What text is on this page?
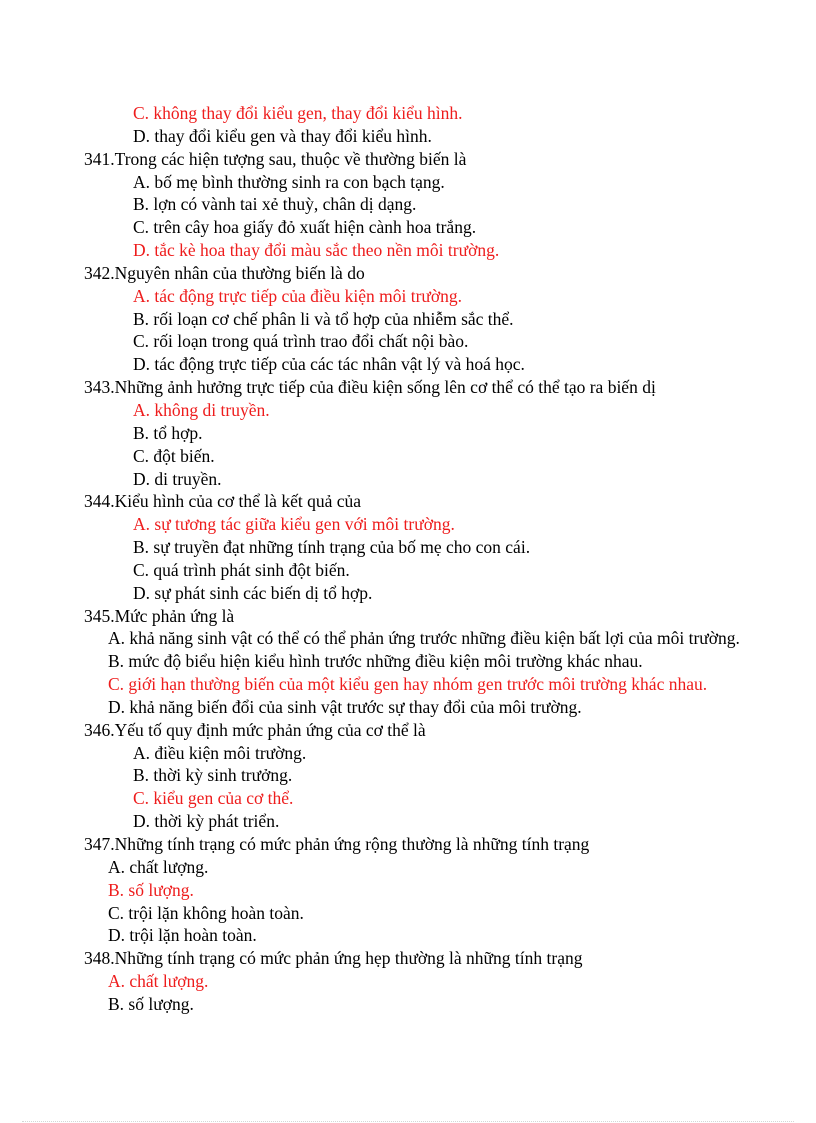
C. không thay đổi kiểu gen, thay đổi kiểu hình.
D. thay đổi kiểu gen và thay đổi kiểu hình.
341.Trong các hiện tượng sau, thuộc về thường biến là
A. bố mẹ bình thường sinh ra con bạch tạng.
B. lợn có vành tai xẻ thuỳ, chân dị dạng.
C. trên cây hoa giấy đỏ xuất hiện cành hoa trắng.
D. tắc kè hoa thay đổi màu sắc theo nền môi trường.
342.Nguyên nhân của thường biến là do
A. tác động trực tiếp của điều kiện môi trường.
B. rối loạn cơ chế phân li và tổ hợp của nhiễm sắc thể.
C. rối loạn trong quá trình trao đổi chất nội bào.
D. tác động trực tiếp của các tác nhân vật lý và hoá học.
343.Những ảnh hưởng trực tiếp của điều kiện sống lên cơ thể có thể tạo ra biến dị
A. không di truyền.
B. tổ hợp.
C. đột biến.
D. di truyền.
344.Kiểu hình của cơ thể là kết quả của
A. sự tương tác giữa kiểu gen với môi trường.
B. sự truyền đạt những tính trạng của bố mẹ cho con cái.
C. quá trình phát sinh đột biến.
D. sự phát sinh các biến dị tổ hợp.
345.Mức phản ứng là
A. khả năng sinh vật có thể có thể phản ứng trước những điều kiện bất lợi của môi trường.
B. mức độ biểu hiện kiểu hình trước những điều kiện môi trường khác nhau.
C. giới hạn thường biến của một kiểu gen hay nhóm gen trước môi trường khác nhau.
D. khả năng biến đổi của sinh vật trước sự thay đổi của môi trường.
346.Yếu tố quy định mức phản ứng của cơ thể là
A. điều kiện môi trường.
B. thời kỳ sinh trưởng.
C. kiểu gen của cơ thể.
D. thời kỳ phát triển.
347.Những tính trạng có mức phản ứng rộng thường là những tính trạng
A. chất lượng.
B. số lượng.
C. trội lặn không hoàn toàn.
D. trội lặn hoàn toàn.
348.Những tính trạng có mức phản ứng hẹp thường là những tính trạng
A. chất lượng.
B. số lượng.
